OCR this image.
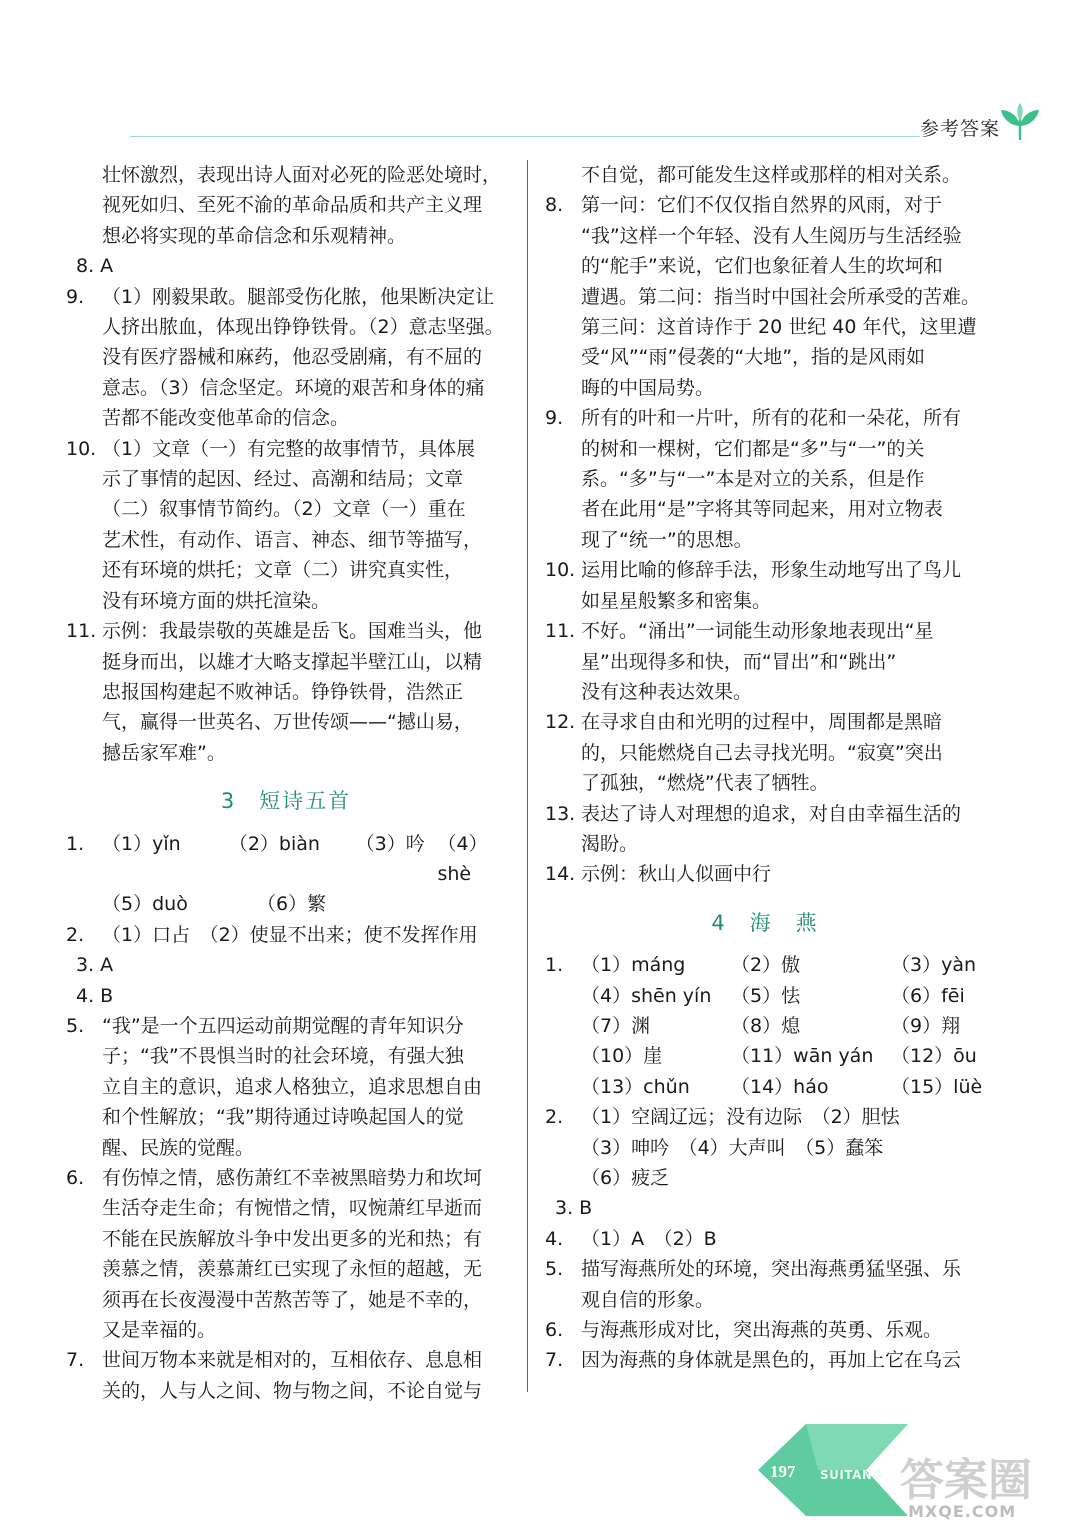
参考答案
壮怀激烈，表现出诗人面对必死的险恶处境时，
视死如归、至死不渝的革命品质和共产主义理
想必将实现的革命信念和乐观精神。
8. A
9. （1）刚毅果敢。腿部受伤化脓，他果断决定让
人挤出脓血，体现出铮铮铁骨。（2）意志坚强。
没有医疗器械和麻药，他忍受剧痛，有不屈的
意志。（3）信念坚定。环境的艰苦和身体的痛
苦都不能改变他革命的信念。
10. （1）文章（一）有完整的故事情节，具体展
示了事情的起因、经过、高潮和结局；文章
（二）叙事情节简约。（2）文章（一）重在
艺术性，有动作、语言、神态、细节等描写，
还有环境的烘托；文章（二）讲究真实性，
没有环境方面的烘托渲染。
11. 示例：我最崇敬的英雄是岳飞。国难当头，他
挺身而出，以雄才大略支撑起半壁江山，以精
忠报国构建起不败神话。铮铮铁骨，浩然正
气，赢得一世英名、万世传颂——“撼山易，
撼岳家军难”。
3　短诗五首
1. （1）yǐn	（2）biàn	（3）吟 （4）shè
（5）duò	（6）繁
2. （1）口占　（2）使显不出来；使不发挥作用
3. A
4. B
5. “我”是一个五四运动前期觉醒的青年知识分
子；“我”不畏惧当时的社会环境，有强大独
立自主的意识，追求人格独立，追求思想自由
和个性解放；“我”期待通过诗唤起国人的觉
醒、民族的觉醒。
6. 有伤悼之情，感伤萧红不幸被黑暗势力和坎坷
生活夺走生命；有惋惜之情，叹惋萧红早逝而
不能在民族解放斗争中发出更多的光和热；有
羡慕之情，羡慕萧红已实现了永恒的超越，无
须再在长夜漫漫中苦熬苦等了，她是不幸的，
又是幸福的。
7. 世间万物本来就是相对的，互相依存、息息相
关的，人与人之间、物与物之间，不论自觉与
不自觉，都可能发生这样或那样的相对关系。
8. 第一问：它们不仅仅指自然界的风雨，对于
“我”这样一个年轻、没有人生阅历与生活经验
的“舵手”来说，它们也象征着人生的坎坷和
遭遇。第二问：指当时中国社会所承受的苦难。
第三问：这首诗作于 20 世纪 40 年代，这里遭
受“风”“雨”侵袭的“大地”，指的是风雨如
晦的中国局势。
9. 所有的叶和一片叶，所有的花和一朵花，所有
的树和一棵树，它们都是“多”与“一”的关
系。“多”与“一”本是对立的关系，但是作
者在此用“是”字将其等同起来，用对立物表
现了“统一”的思想。
10. 运用比喻的修辞手法，形象生动地写出了鸟儿
如星星般繁多和密集。
11. 不好。“涌出”一词能生动形象地表现出“星
星”出现得多和快，而“冒出”和“跳出”
没有这种表达效果。
12. 在寻求自由和光明的过程中，周围都是黑暗
的，只能燃烧自己去寻找光明。“寂寞”突出
了孤独，“燃烧”代表了牺牲。
13. 表达了诗人对理想的追求，对自由幸福生活的
渴盼。
14. 示例：秋山人似画中行
4　海　燕
1. （1）máng	（2）傲	（3）yàn
（4）shēn yín	（5）怯	（6）fēi
（7）渊	（8）熄	（9）翔
（10）崖	（11）wān yán （12）ōu
（13）chǔn	（14）háo	（15）lüè
2. （1）空阔辽远；没有边际　（2）胆怯
（3）呻吟　（4）大声叫　（5）蠢笨
（6）疲乏
3. B
4. （1）A　（2）B
5. 描写海燕所处的环境，突出海燕勇猛坚强、乐
观自信的形象。
6. 与海燕形成对比，突出海燕的英勇、乐观。
7. 因为海燕的身体就是黑色的，再加上它在乌云
197 SUITANG 答案圈
MXQE.COM
